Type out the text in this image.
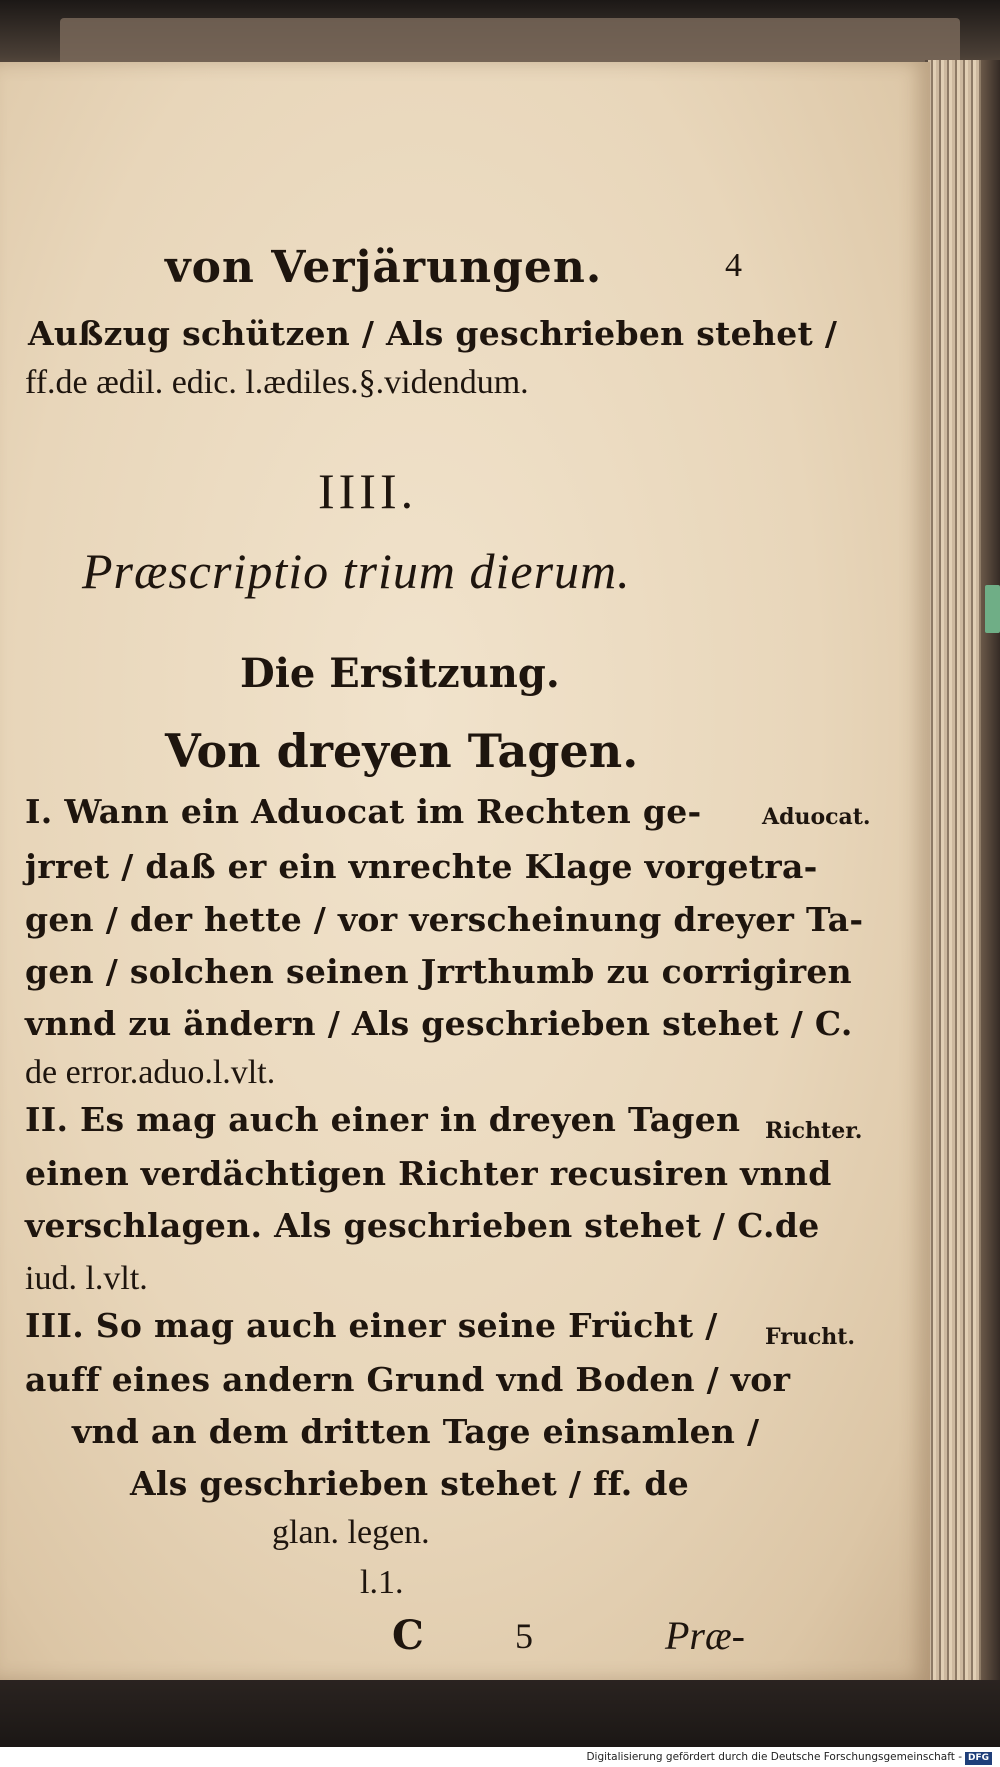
von Verjärungen.	4
Außzug schützen / Als geschrieben stehet /
ff.de ædil. edic. l.ædiles.§.videndum.
IIII.
Præscriptio trium dierum.
Die Ersitzung.
Von dreyen Tagen.
I. Wann ein Aduocat im Rechten ge-
jrret / daß er ein vnrechte Klage vorgetra-
gen / der hette / vor verscheinung dreyer Ta-
gen / solchen seinen Jrrthumb zu corrigiren
vnnd zu ändern / Als geschrieben stehet / C.
de error.aduo.l.vlt.
II. Es mag auch einer in dreyen Tagen
einen verdächtigen Richter recusiren vnnd
verschlagen. Als geschrieben stehet / C.de
iud. l.vlt.
III. So mag auch einer seine Frücht /
auff eines andern Grund vnd Boden / vor
vnd an dem dritten Tage einsamlen /
Als geschrieben stehet / ff. de
glan. legen.
l.1.
Aduocat.
Richter.
Frucht.
C	5	Præ-
Digitalisierung gefördert durch die Deutsche Forschungsgemeinschaft - DFG
